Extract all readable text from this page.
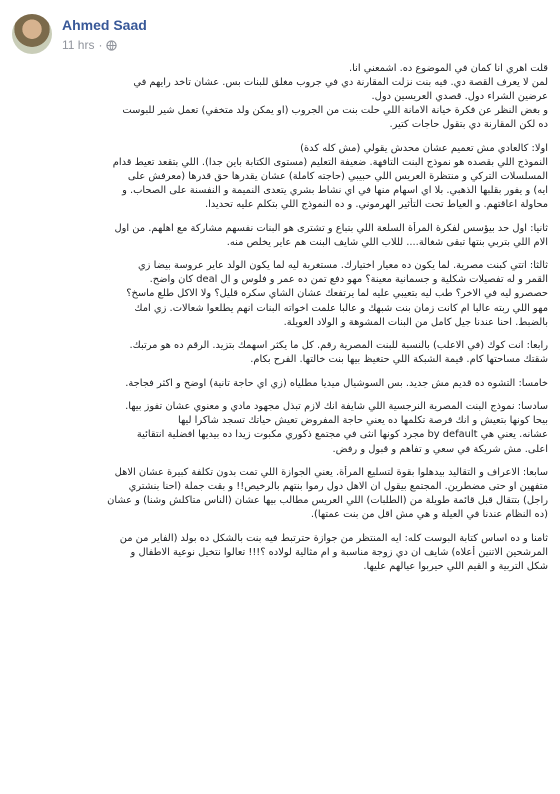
Ahmed Saad
11 hrs ·
قلت اهري انا كمان في الموضوع ده. اشمعني انا.
لمن لا يعرف القصة دي. فيه بنت نزلت المقارنة دي في جروب مغلق للبنات بس. عشان تاخد رايهم في
عرضين الشراء دول. قصدي العريسين دول.
و بغض النظر عن فكرة خيانة الامانة اللي حلت بنت من الجروب (او يمكن ولد متخفي) تعمل شير للبوست
ده لكن المقارنة دي بتقول حاجات كتير.
اولا: كالعادي مش تعميم عشان محدش يقولي (مش كله كدة)
النموذج اللي بقصده هو نموذج البنت التافهة. ضعيفة التعليم (مستوى الكتابة باين جدا). اللي بتقعد تعيط قدام
المسلسلات التركي و منتظرة العريس اللي حبيبي (حاجته كاملة) عشان يقدرها حق قدرها (معرفش على
ايه) و يفور بقلبها الذهبي. بلا اي اسهام منها في اي نشاط بشري يتعدى النميمة و النفسنة على الصحاب. و
محاولة اعاقتهم. و العياط تحت التأثير الهرموني. و ده النموذج اللي بتكلم عليه تحديدا.
ثانيا: اول حد بيؤسس لفكرة المرأة السلعة اللي بتباع و تشترى هو البنات نفسهم مشاركة مع اهلهم. من اول
الام اللي بتربي بنتها تبقى شغالة.... لللاب اللي شايف البنت هم عاير يخلص منه.
ثالثا: اتتي كبنت مصرية. لما يكون ده معيار اختيارك. مستغربة ليه لما يكون الولد عاير عروسة بيضا زي
القمر و له تفصيلات شكلية و جسمانية معينة؟ مهو دفع تمن ده عمر و فلوس و ال deal كان واضح.
حصصرو ليه في الاخر؟ طب ليه بتعيبي عليه لما يرتفعك عشان الشاي سكره قليل؟ ولا الاكل طلع ماسخ؟
مهو اللي ربته عالبا ام كانت زمان بنت شبهك و عالبا علمت اخواته البنات انهم يطلعوا شعالات. زي امك
بالضبط. احنا عندنا جيل كامل من البنات المشوهة و الولاد العويلة.
رابعا: انت كوك (في الاعلب) بالنسبة للبنت المصرية رقم. كل ما يكثر اسهمك بتزيد. الرقم ده هو مرتبك.
شقتك مساحتها كام. قيمة الشبكة اللي حتغيظ بيها بنت خالتها. الفرح بكام.
خامسا: التشوه ده قديم مش جديد. بس السوشيال ميديا مطلياه (زي اي حاجة تانية) اوضح و اكثر فجاجة.
سادسا: نموذج البنت المصرية النرجسية اللي شايفة انك لازم تبذل مجهود مادي و معنوي عشان تفوز بيها.
بيحا كونها بتعيش و انك فرصة تكلمها ده يعني حاجة المفروض تعيش حياتك تسجد شاكرا ليها
عشانه. يعني هي by default مجرد كونها انثى في مجتمع ذكوري مكبوت زيدا ده بيديها افضلية انتقائية
اعلى. مش شريكة في سعي و تفاهم و قبول و رفض.
سابعا: الاعراف و التقاليد بيدهلوا بقوة لتسليع المرأة. يعني الجوازة اللي تمت بدون تكلفة كبيرة عشان الاهل
متفهين او حتى مضطرين. المجتمع بيقول ان الاهل دول رموا بنتهم بالرخيص!! و بقت جملة (احنا بنشتري
راجل) بتتقال قبل قائمة طويلة من (الطلبات) اللي العريس مطالب بيها عشان (الناس متاكلش وشنا) و عشان
(ده النظام عندنا في العيلة و هي مش اقل من بنت عمتها).
ثامنا و ده اساس كتابة البوست كله: ايه المنتظر من جوازة حترتبط فيه بنت بالشكل ده بولد (الفاير من من
المرشحين الاتنين أعلاه) شايف ان دي زوجة مناسبة و ام مثالية لولاده ؟!!! تعالوا نتخيل نوعية الاطفال و
شكل التربية و القيم اللي حيربوا عيالهم عليها.
